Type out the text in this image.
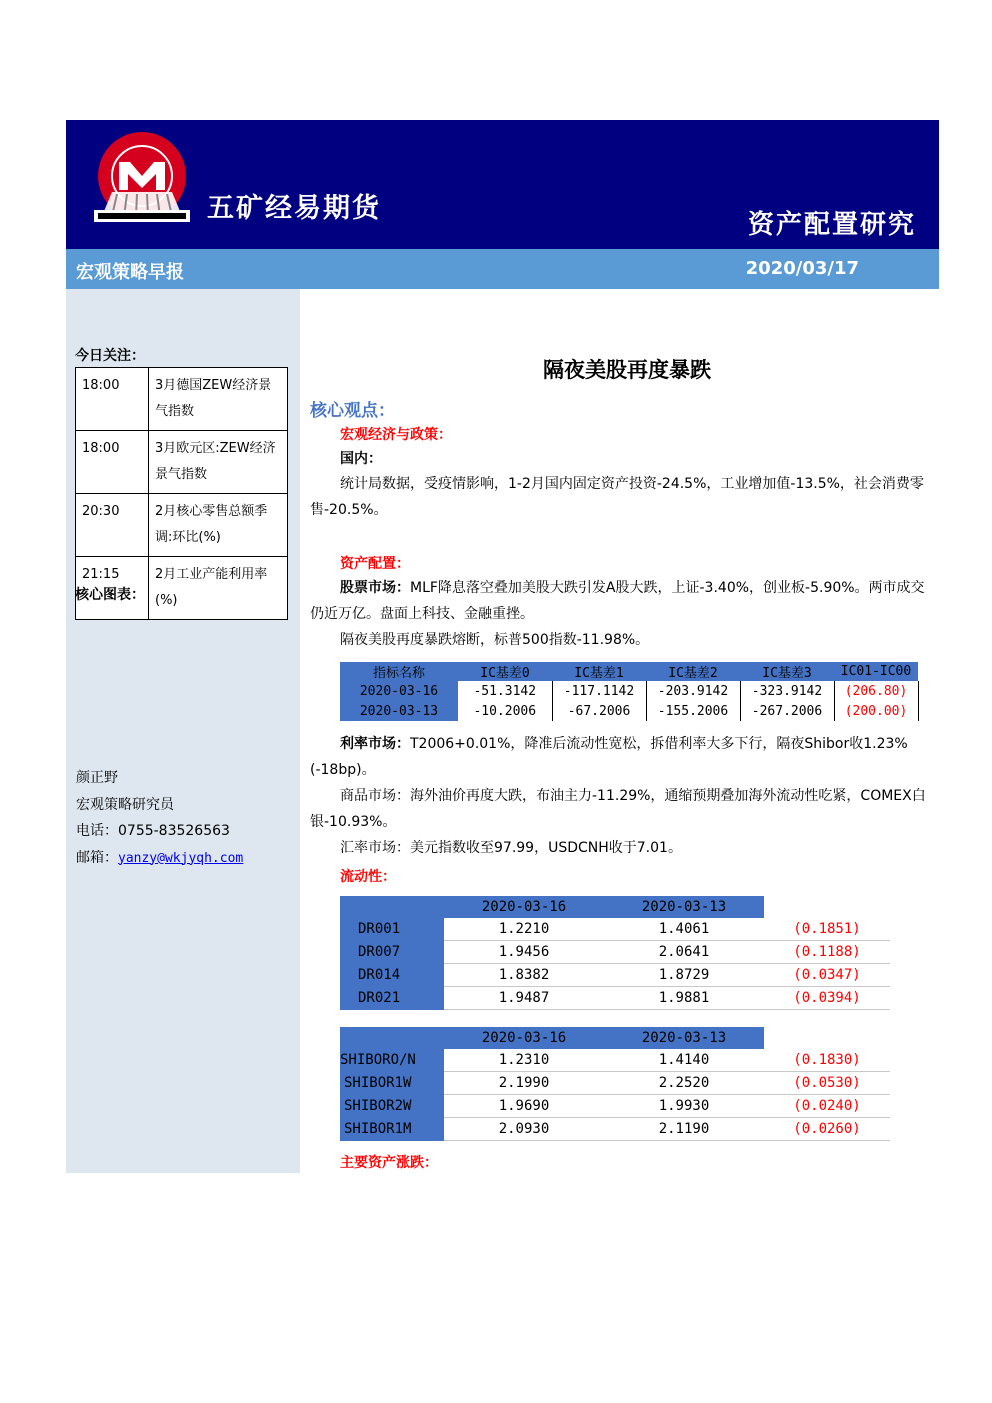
五矿经易期货
资产配置研究
宏观策略早报	2020/03/17
今日关注：
18:00	3月德国ZEW经济景气指数
18:00	3月欧元区:ZEW经济景气指数
20:30	2月核心零售总额季调:环比(%)
21:15	2月工业产能利用率(%)
核心图表：
颜正野
宏观策略研究员
电话：0755-83526563
邮箱：yanzy@wkjyqh.com
隔夜美股再度暴跌
核心观点：
宏观经济与政策：
国内：
统计局数据，受疫情影响，1-2月国内固定资产投资-24.5%，工业增加值-13.5%，社会消费零售-20.5%。
资产配置：
股票市场：MLF降息落空叠加美股大跌引发A股大跌，上证-3.40%，创业板-5.90%。两市成交仍近万亿。盘面上科技、金融重挫。
隔夜美股再度暴跌熔断，标普500指数-11.98%。
指标名称	IC基差0	IC基差1	IC基差2	IC基差3	IC01-IC00
2020-03-16	-51.3142	-117.1142	-203.9142	-323.9142	(206.80)
2020-03-13	-10.2006	-67.2006	-155.2006	-267.2006	(200.00)
利率市场：T2006+0.01%，降准后流动性宽松，拆借利率大多下行，隔夜Shibor收1.23%(-18bp)。
商品市场：海外油价再度大跌，布油主力-11.29%，通缩预期叠加海外流动性吃紧，COMEX白银-10.93%。
汇率市场：美元指数收至97.99，USDCNH收于7.01。
流动性：
	2020-03-16	2020-03-13	
DR001	1.2210	1.4061	(0.1851)
DR007	1.9456	2.0641	(0.1188)
DR014	1.8382	1.8729	(0.0347)
DR021	1.9487	1.9881	(0.0394)
	2020-03-16	2020-03-13	
SHIBORO/N	1.2310	1.4140	(0.1830)
SHIBOR1W	2.1990	2.2520	(0.0530)
SHIBOR2W	1.9690	1.9930	(0.0240)
SHIBOR1M	2.0930	2.1190	(0.0260)
主要资产涨跌：
